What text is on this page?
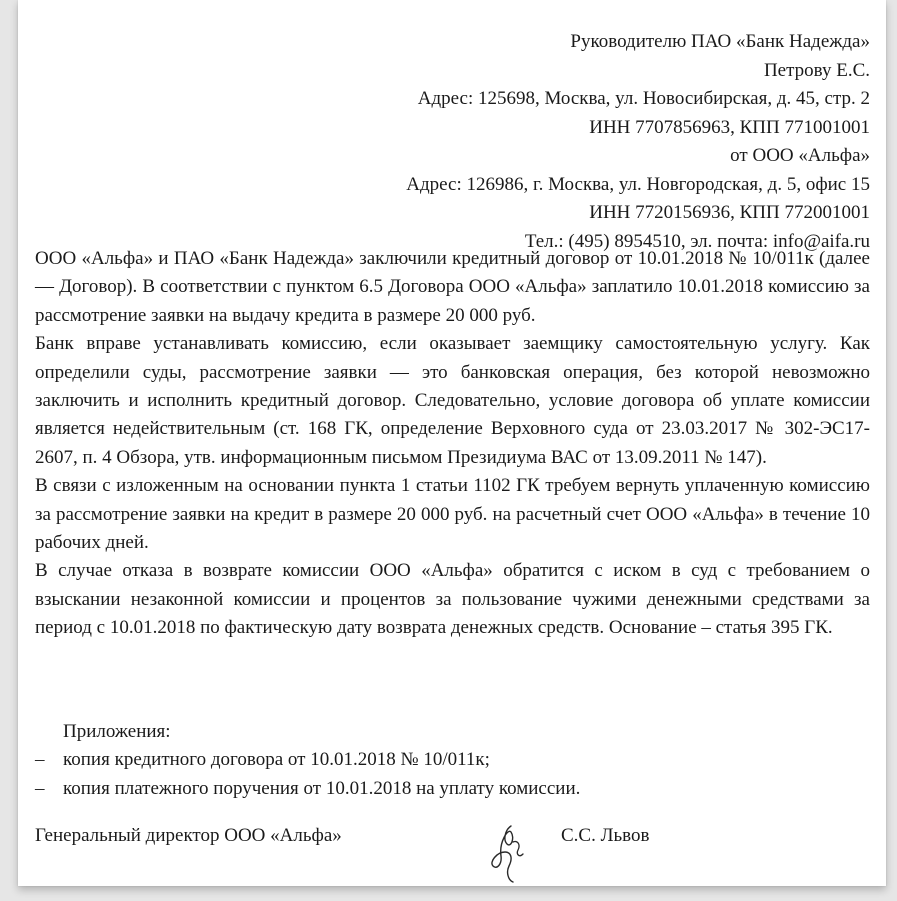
Руководителю ПАО «Банк Надежда»
Петрову Е.С.
Адрес: 125698, Москва, ул. Новосибирская, д. 45, стр. 2
ИНН 7707856963, КПП 771001001
от ООО «Альфа»
Адрес: 126986, г. Москва, ул. Новгородская, д. 5, офис 15
ИНН 7720156936, КПП 772001001
Тел.: (495) 8954510, эл. почта: info@aifa.ru

ООО «Альфа» и ПАО «Банк Надежда» заключили кредитный договор от 10.01.2018 № 10/011к (далее — Договор). В соответствии с пунктом 6.5 Договора ООО «Альфа» заплатило 10.01.2018 комиссию за рассмотрение заявки на выдачу кредита в размере 20 000 руб.

Банк вправе устанавливать комиссию, если оказывает заемщику самостоятельную услугу. Как определили суды, рассмотрение заявки — это банковская операция, без которой невозможно заключить и исполнить кредитный договор. Следовательно, условие договора об уплате комиссии является недействительным (ст. 168 ГК, определение Верховного суда от 23.03.2017 № 302-ЭС17-2607, п. 4 Обзора, утв. информационным письмом Президиума ВАС от 13.09.2011 № 147).

В связи с изложенным на основании пункта 1 статьи 1102 ГК требуем вернуть уплаченную комиссию за рассмотрение заявки на кредит в размере 20 000 руб. на расчетный счет ООО «Альфа» в течение 10 рабочих дней.

В случае отказа в возврате комиссии ООО «Альфа» обратится с иском в суд с требованием о взыскании незаконной комиссии и процентов за пользование чужими денежными средствами за период с 10.01.2018 по фактическую дату возврата денежных средств. Основание – статья 395 ГК.

Приложения:
– копия кредитного договора от 10.01.2018 № 10/011к;
– копия платежного поручения от 10.01.2018 на уплату комиссии.
Генеральный директор ООО «Альфа»	С.С. Львов
